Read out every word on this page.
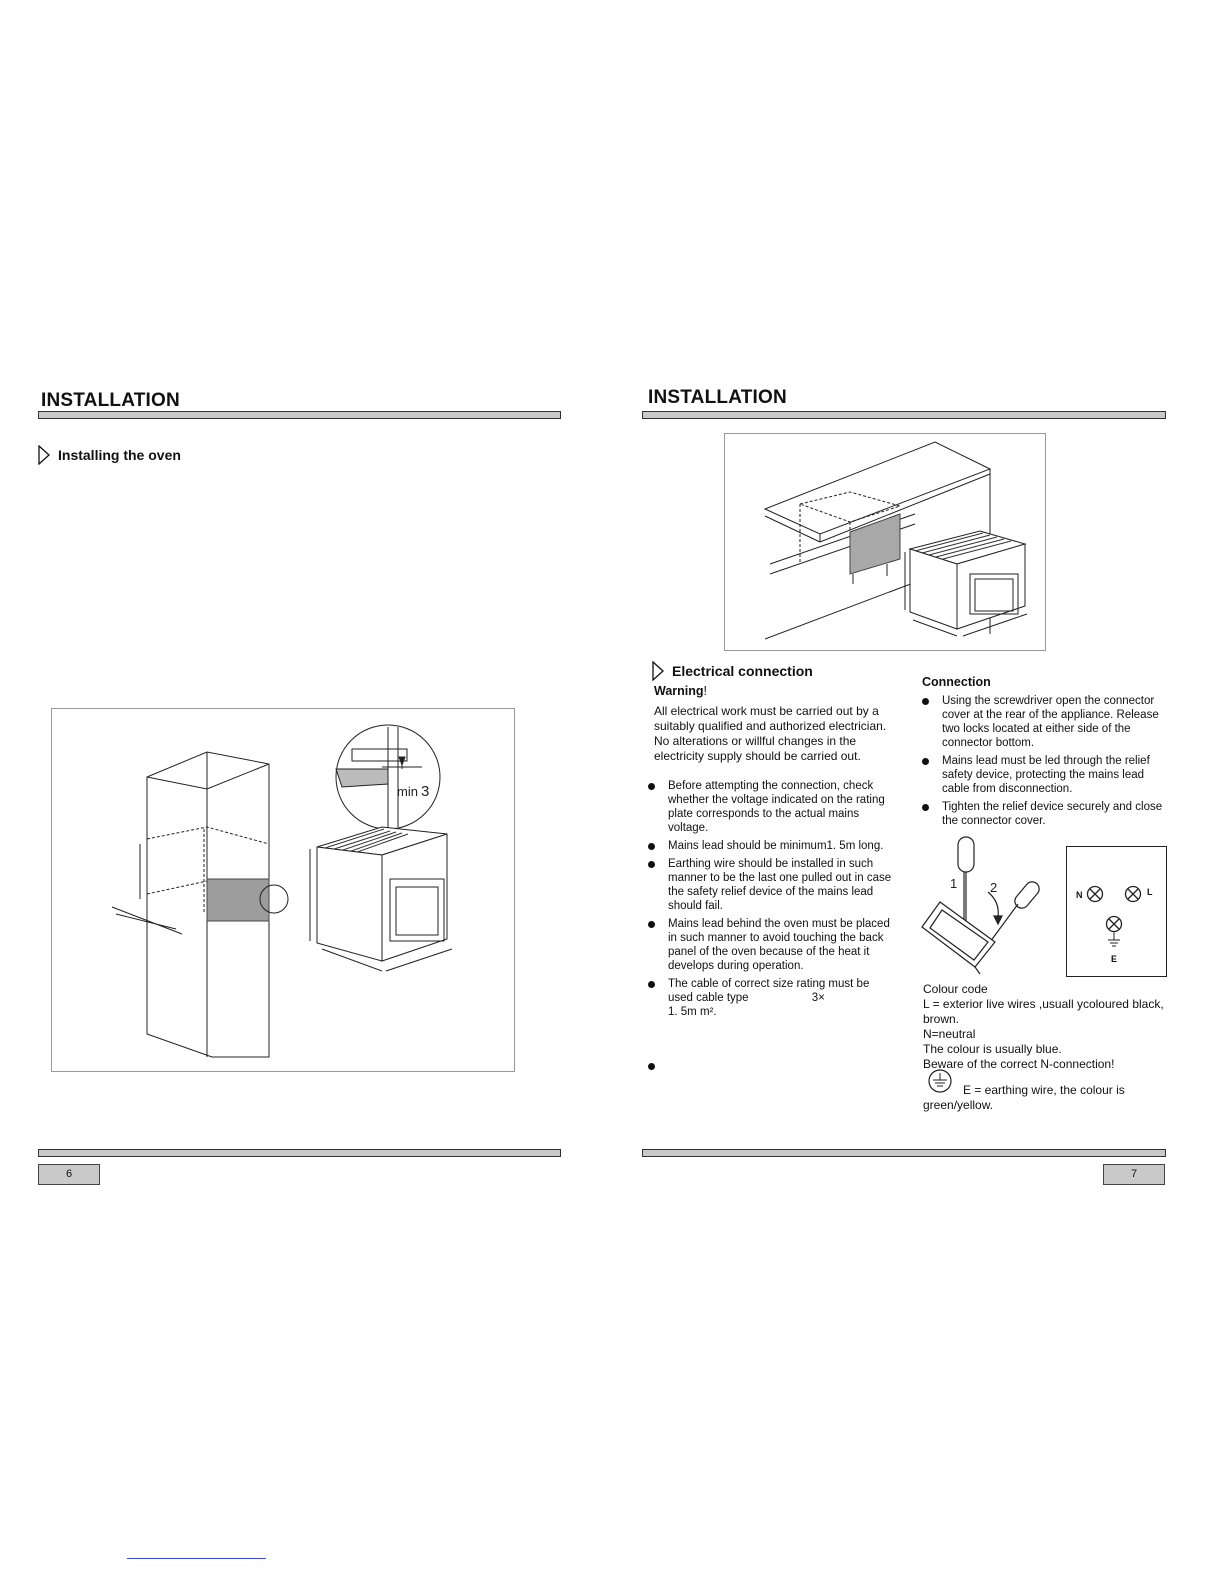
INSTALLATION
Installing the oven
min 3
6
INSTALLATION
Electrical connection
Warning!
All electrical work must be carried out by a suitably qualified and authorized electrician. No alterations or willful changes in the electricity supply should be carried out.
Before attempting the connection, check whether the voltage indicated on the rating plate corresponds to the actual mains voltage.
Mains lead should be minimum1. 5m long.
Earthing wire should be installed in such manner to be the last one pulled out in case the safety relief device of the mains lead should fail.
Mains lead behind the oven must be placed in such manner to avoid touching the back panel of the oven because of the heat it develops during operation.
The cable of correct size rating must be used cable type	3×
1. 5m m².
Connection
Using the screwdriver open the connector cover at the rear of the appliance. Release two locks located at either side of the connector bottom.
Mains lead must be led through the relief safety device, protecting the mains lead cable from disconnection.
Tighten the relief device securely and close the connector cover.
1	2	N	L
E
Colour code
L = exterior live wires ,usuall ycoloured black, brown.
N=neutral
The colour is usually blue.
Beware of the correct N-connection!
E = earthing wire, the colour is green/yellow.
7
